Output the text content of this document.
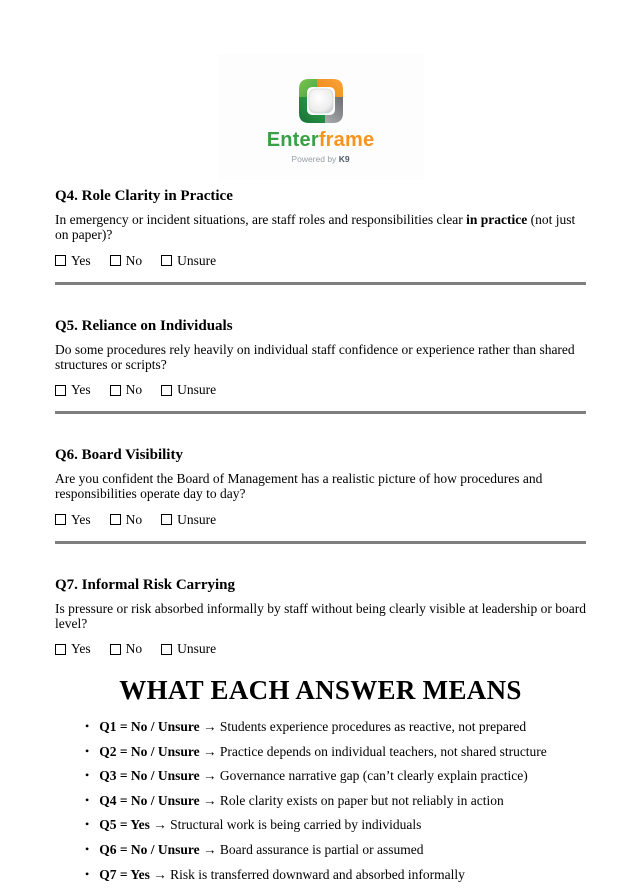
Enterframe
Powered by K9
Q4. Role Clarity in Practice
In emergency or incident situations, are staff roles and responsibilities clear in practice (not just on paper)?
Yes	No	Unsure
Q5. Reliance on Individuals
Do some procedures rely heavily on individual staff confidence or experience rather than shared structures or scripts?
Yes	No	Unsure
Q6. Board Visibility
Are you confident the Board of Management has a realistic picture of how procedures and responsibilities operate day to day?
Yes	No	Unsure
Q7. Informal Risk Carrying
Is pressure or risk absorbed informally by staff without being clearly visible at leadership or board level?
Yes	No	Unsure
WHAT EACH ANSWER MEANS
• Q1 = No / Unsure → Students experience procedures as reactive, not prepared
• Q2 = No / Unsure → Practice depends on individual teachers, not shared structure
• Q3 = No / Unsure → Governance narrative gap (can’t clearly explain practice)
• Q4 = No / Unsure → Role clarity exists on paper but not reliably in action
• Q5 = Yes → Structural work is being carried by individuals
• Q6 = No / Unsure → Board assurance is partial or assumed
• Q7 = Yes → Risk is transferred downward and absorbed informally
